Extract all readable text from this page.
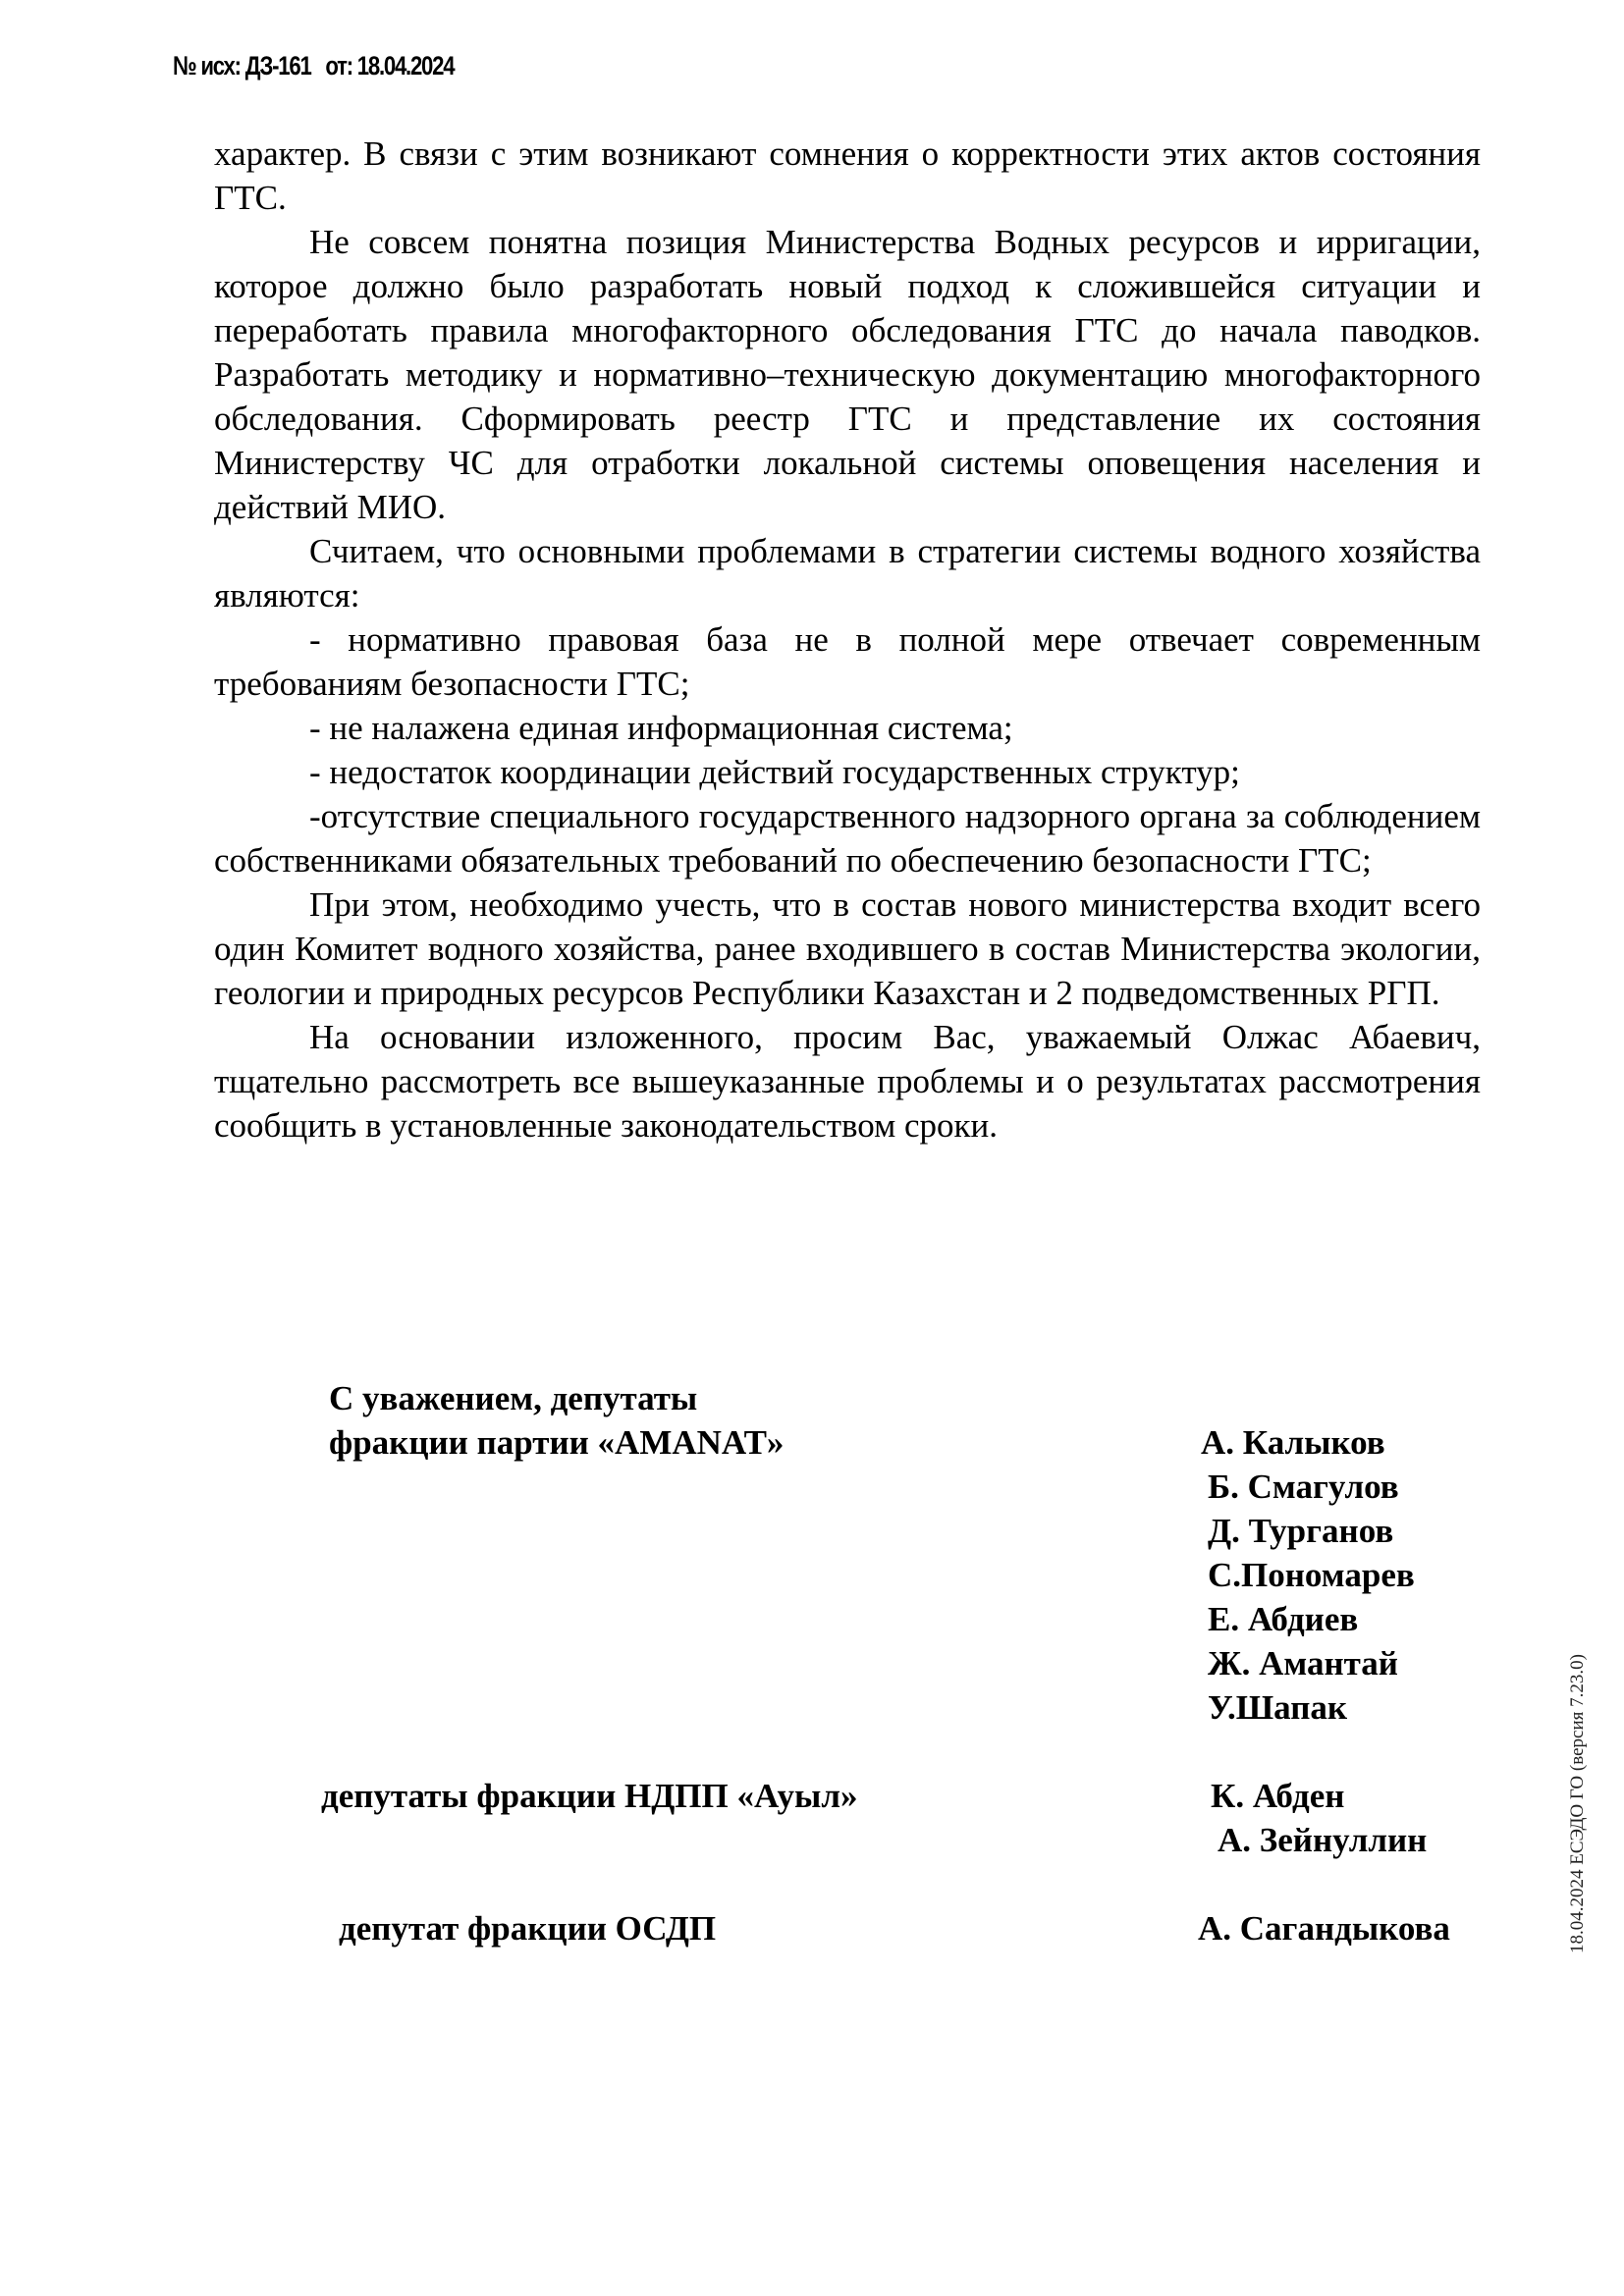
№ исх: ДЗ-161 от: 18.04.2024

характер. В связи с этим возникают сомнения о корректности этих актов состояния ГТС.

Не совсем понятна позиция Министерства Водных ресурсов и ирригации, которое должно было разработать новый подход к сложившейся ситуации и переработать правила многофакторного обследования ГТС до начала паводков. Разработать методику и нормативно–техническую документацию многофакторного обследования. Сформировать реестр ГТС и представление их состояния Министерству ЧС для отработки локальной системы оповещения населения и действий МИО.

Считаем, что основными проблемами в стратегии системы водного хозяйства являются:

- нормативно правовая база не в полной мере отвечает современным требованиям безопасности ГТС;

- не налажена единая информационная система;

- недостаток координации действий государственных структур;

-отсутствие специального государственного надзорного органа за соблюдением собственниками обязательных требований по обеспечению безопасности ГТС;

При этом, необходимо учесть, что в состав нового министерства входит всего один Комитет водного хозяйства, ранее входившего в состав Министерства экологии, геологии и природных ресурсов Республики Казахстан и 2 подведомственных РГП.

На основании изложенного, просим Вас, уважаемый Олжас Абаевич, тщательно рассмотреть все вышеуказанные проблемы и о результатах рассмотрения сообщить в установленные законодательством сроки.

С уважением, депутаты
фракции партии «AMANAT»	А. Калыков
Б. Смагулов
Д. Турганов
С.Пономарев
Е. Абдиев
Ж. Амантай
У.Шапак
депутаты фракции НДПП «Ауыл»	К. Абден
А. Зейнуллин
депутат фракции ОСДП	А. Сагандыкова	18.04.2024 ЕСЭДО ГО (версия 7.23.0)
